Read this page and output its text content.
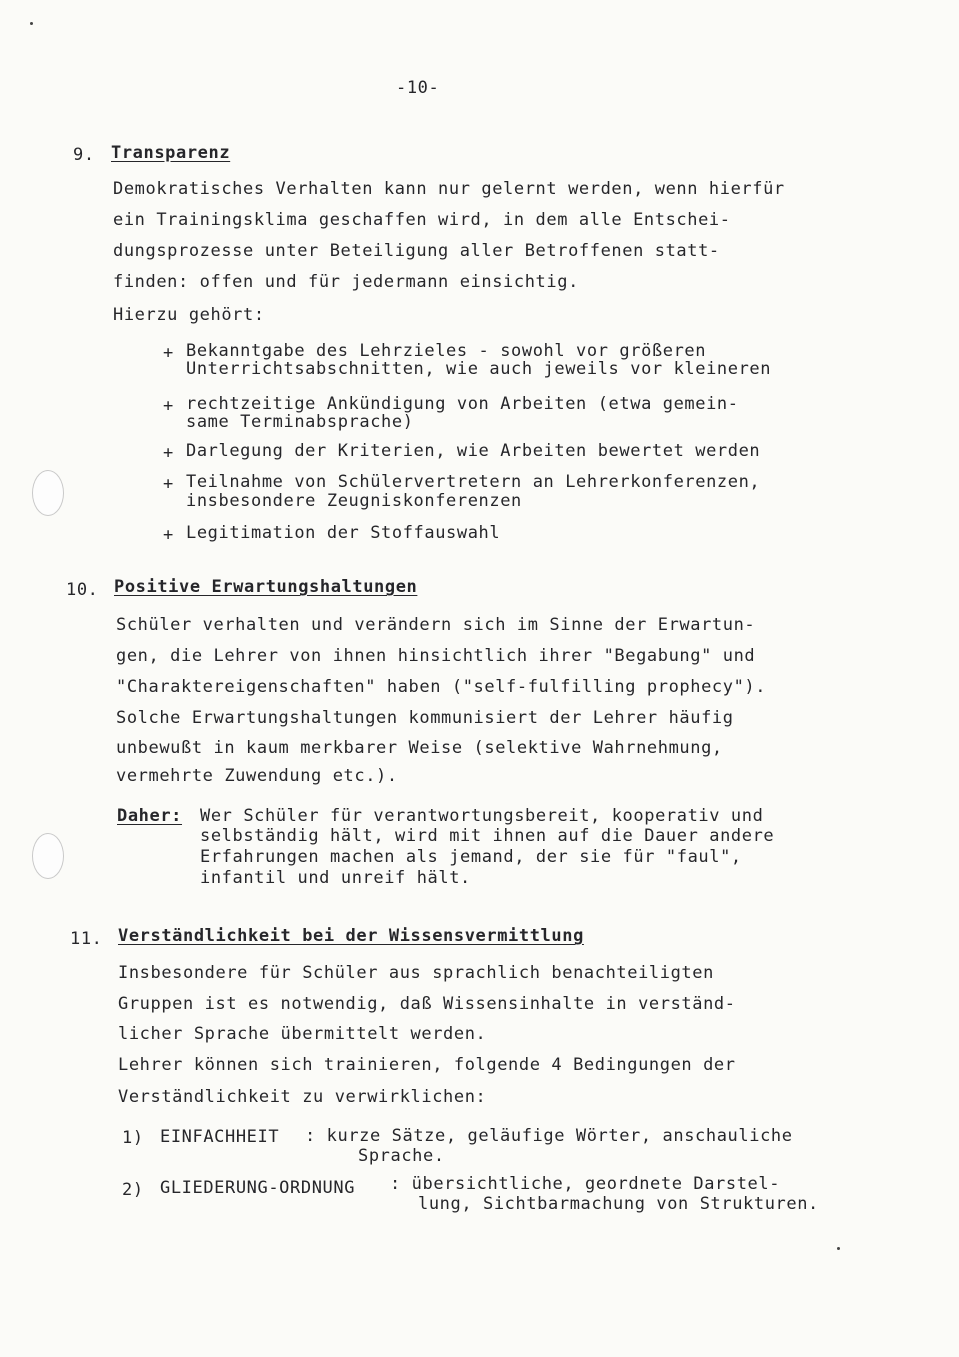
-10-
9. Transparenz
Demokratisches Verhalten kann nur gelernt werden, wenn hierfür
ein Trainingsklima geschaffen wird, in dem alle Entschei-
dungsprozesse unter Beteiligung aller Betroffenen statt-
finden: offen und für jedermann einsichtig.
Hierzu gehört:
+ Bekanntgabe des Lehrzieles - sowohl vor größeren
Unterrichtsabschnitten, wie auch jeweils vor kleineren
+ rechtzeitige Ankündigung von Arbeiten (etwa gemein-
same Terminabsprache)
+ Darlegung der Kriterien, wie Arbeiten bewertet werden
+ Teilnahme von Schülervertretern an Lehrerkonferenzen,
insbesondere Zeugniskonferenzen
+ Legitimation der Stoffauswahl
10. Positive Erwartungshaltungen
Schüler verhalten und verändern sich im Sinne der Erwartun-
gen, die Lehrer von ihnen hinsichtlich ihrer "Begabung" und
"Charaktereigenschaften" haben ("self-fulfilling prophecy").
Solche Erwartungshaltungen kommunisiert der Lehrer häufig
unbewußt in kaum merkbarer Weise (selektive Wahrnehmung,
vermehrte Zuwendung etc.).
Daher: Wer Schüler für verantwortungsbereit, kooperativ und
selbständig hält, wird mit ihnen auf die Dauer andere
Erfahrungen machen als jemand, der sie für "faul",
infantil und unreif hält.
11. Verständlichkeit bei der Wissensvermittlung
Insbesondere für Schüler aus sprachlich benachteiligten
Gruppen ist es notwendig, daß Wissensinhalte in verständ-
licher Sprache übermittelt werden.
Lehrer können sich trainieren, folgende 4 Bedingungen der
Verständlichkeit zu verwirklichen:
1) EINFACHHEIT : kurze Sätze, geläufige Wörter, anschauliche
Sprache.
2) GLIEDERUNG-ORDNUNG : übersichtliche, geordnete Darstel-
lung, Sichtbarmachung von Strukturen.
